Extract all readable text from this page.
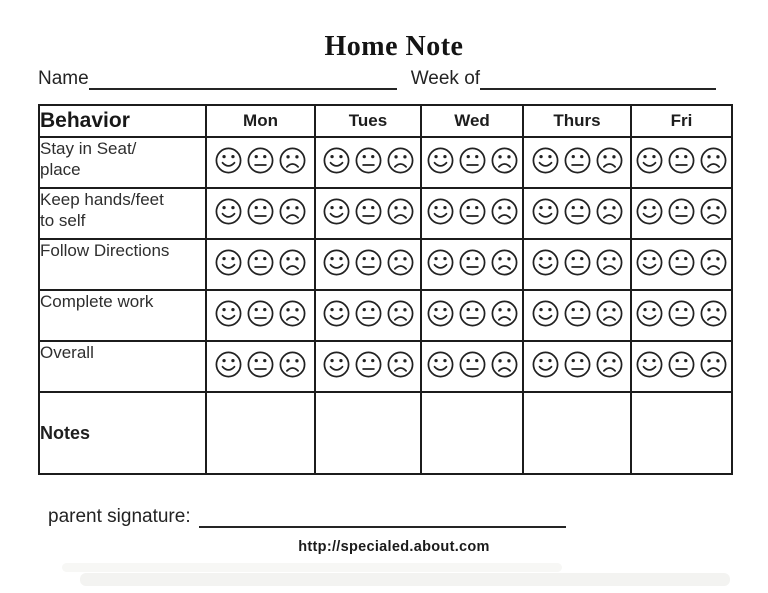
Home Note
Name	Week of
Behavior	Mon	Tues	Wed	Thurs	Fri

Stay in Seat/
place

Keep hands/feet
to self

Follow Directions

Complete work

Overall

Notes					
parent signature:
http://specialed.about.com
